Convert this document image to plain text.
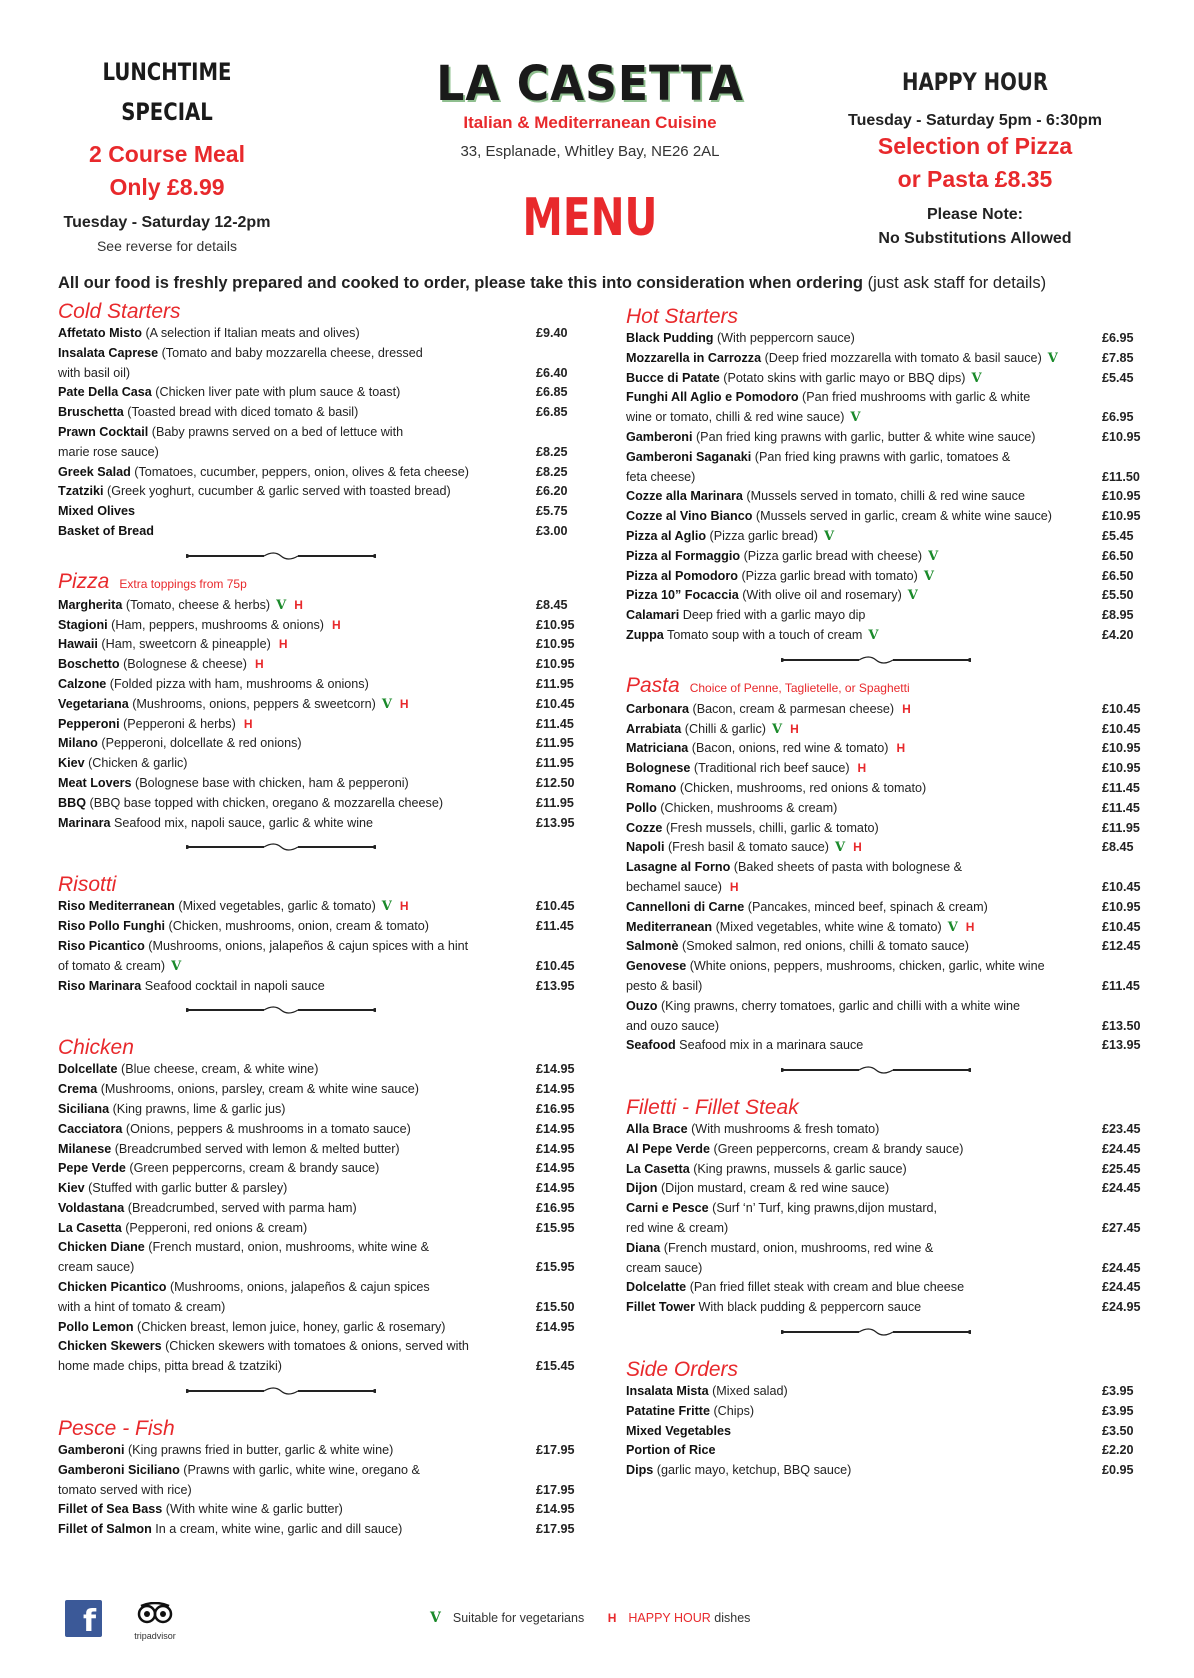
LUNCHTIME
SPECIAL
2 Course Meal
Only £8.99
Tuesday - Saturday 12-2pm
See reverse for details
LA CASETTA
Italian & Mediterranean Cuisine
33, Esplanade, Whitley Bay, NE26 2AL
MENU
HAPPY HOUR
Tuesday - Saturday 5pm - 6:30pm
Selection of Pizza
or Pasta £8.35
Please Note:
No Substitutions Allowed
All our food is freshly prepared and cooked to order, please take this into consideration when ordering (just ask staff for details)
Cold Starters
Affetato Misto (A selection if Italian meats and olives)	£9.40
Insalata Caprese (Tomato and baby mozzarella cheese, dressed
with basil oil)	£6.40
Pate Della Casa (Chicken liver pate with plum sauce & toast)	£6.85
Bruschetta (Toasted bread with diced tomato & basil)	£6.85
Prawn Cocktail (Baby prawns served on a bed of lettuce with
marie rose sauce)	£8.25
Greek Salad (Tomatoes, cucumber, peppers, onion, olives & feta cheese)	£8.25
Tzatziki (Greek yoghurt, cucumber & garlic served with toasted bread)	£6.20
Mixed Olives	£5.75
Basket of Bread	£3.00
Pizza Extra toppings from 75p
Margherita (Tomato, cheese & herbs) V H	£8.45
Stagioni (Ham, peppers, mushrooms & onions) H	£10.95
Hawaii (Ham, sweetcorn & pineapple) H	£10.95
Boschetto (Bolognese & cheese) H	£10.95
Calzone (Folded pizza with ham, mushrooms & onions)	£11.95
Vegetariana (Mushrooms, onions, peppers & sweetcorn) V H	£10.45
Pepperoni (Pepperoni & herbs) H	£11.45
Milano (Pepperoni, dolcellate & red onions)	£11.95
Kiev (Chicken & garlic)	£11.95
Meat Lovers (Bolognese base with chicken, ham & pepperoni)	£12.50
BBQ (BBQ base topped with chicken, oregano & mozzarella cheese)	£11.95
Marinara Seafood mix, napoli sauce, garlic & white wine	£13.95
Risotti
Riso Mediterranean (Mixed vegetables, garlic & tomato) V H	£10.45
Riso Pollo Funghi (Chicken, mushrooms, onion, cream & tomato)	£11.45
Riso Picantico (Mushrooms, onions, jalapeños & cajun spices with a hint
of tomato & cream) V	£10.45
Riso Marinara Seafood cocktail in napoli sauce	£13.95
Chicken
Dolcellate (Blue cheese, cream, & white wine)	£14.95
Crema (Mushrooms, onions, parsley, cream & white wine sauce)	£14.95
Siciliana (King prawns, lime & garlic jus)	£16.95
Cacciatora (Onions, peppers & mushrooms in a tomato sauce)	£14.95
Milanese (Breadcrumbed served with lemon & melted butter)	£14.95
Pepe Verde (Green peppercorns, cream & brandy sauce)	£14.95
Kiev (Stuffed with garlic butter & parsley)	£14.95
Voldastana (Breadcrumbed, served with parma ham)	£16.95
La Casetta (Pepperoni, red onions & cream)	£15.95
Chicken Diane (French mustard, onion, mushrooms, white wine &
cream sauce)	£15.95
Chicken Picantico (Mushrooms, onions, jalapeños & cajun spices
with a hint of tomato & cream)	£15.50
Pollo Lemon (Chicken breast, lemon juice, honey, garlic & rosemary)	£14.95
Chicken Skewers (Chicken skewers with tomatoes & onions, served with
home made chips, pitta bread & tzatziki)	£15.45
Pesce - Fish
Gamberoni (King prawns fried in butter, garlic & white wine)	£17.95
Gamberoni Siciliano (Prawns with garlic, white wine, oregano &
tomato served with rice)	£17.95
Fillet of Sea Bass (With white wine & garlic butter)	£14.95
Fillet of Salmon In a cream, white wine, garlic and dill sauce)	£17.95
Hot Starters
Black Pudding (With peppercorn sauce)	£6.95
Mozzarella in Carrozza (Deep fried mozzarella with tomato & basil sauce) V	£7.85
Bucce di Patate (Potato skins with garlic mayo or BBQ dips) V	£5.45
Funghi All Aglio e Pomodoro (Pan fried mushrooms with garlic & white
wine or tomato, chilli & red wine sauce) V	£6.95
Gamberoni (Pan fried king prawns with garlic, butter & white wine sauce)	£10.95
Gamberoni Saganaki (Pan fried king prawns with garlic, tomatoes &
feta cheese)	£11.50
Cozze alla Marinara (Mussels served in tomato, chilli & red wine sauce	£10.95
Cozze al Vino Bianco (Mussels served in garlic, cream & white wine sauce)	£10.95
Pizza al Aglio (Pizza garlic bread) V	£5.45
Pizza al Formaggio (Pizza garlic bread with cheese) V	£6.50
Pizza al Pomodoro (Pizza garlic bread with tomato) V	£6.50
Pizza 10” Focaccia (With olive oil and rosemary) V	£5.50
Calamari Deep fried with a garlic mayo dip	£8.95
Zuppa Tomato soup with a touch of cream V	£4.20
Pasta Choice of Penne, Taglietelle, or Spaghetti
Carbonara (Bacon, cream & parmesan cheese) H	£10.45
Arrabiata (Chilli & garlic) V H	£10.45
Matriciana (Bacon, onions, red wine & tomato) H	£10.95
Bolognese (Traditional rich beef sauce) H	£10.95
Romano (Chicken, mushrooms, red onions & tomato)	£11.45
Pollo (Chicken, mushrooms & cream)	£11.45
Cozze (Fresh mussels, chilli, garlic & tomato)	£11.95
Napoli (Fresh basil & tomato sauce) V H	£8.45
Lasagne al Forno (Baked sheets of pasta with bolognese &
bechamel sauce) H	£10.45
Cannelloni di Carne (Pancakes, minced beef, spinach & cream)	£10.95
Mediterranean (Mixed vegetables, white wine & tomato) V H	£10.45
Salmonè (Smoked salmon, red onions, chilli & tomato sauce)	£12.45
Genovese (White onions, peppers, mushrooms, chicken, garlic, white wine
pesto & basil)	£11.45
Ouzo (King prawns, cherry tomatoes, garlic and chilli with a white wine
and ouzo sauce)	£13.50
Seafood Seafood mix in a marinara sauce	£13.95
Filetti - Fillet Steak
Alla Brace (With mushrooms & fresh tomato)	£23.45
Al Pepe Verde (Green peppercorns, cream & brandy sauce)	£24.45
La Casetta (King prawns, mussels & garlic sauce)	£25.45
Dijon (Dijon mustard, cream & red wine sauce)	£24.45
Carni e Pesce (Surf ‘n’ Turf, king prawns,dijon mustard,
red wine & cream)	£27.45
Diana (French mustard, onion, mushrooms, red wine &
cream sauce)	£24.45
Dolcelatte (Pan fried fillet steak with cream and blue cheese	£24.45
Fillet Tower With black pudding & peppercorn sauce	£24.95
Side Orders
Insalata Mista (Mixed salad)	£3.95
Patatine Fritte (Chips)	£3.95
Mixed Vegetables	£3.50
Portion of Rice	£2.20
Dips (garlic mayo, ketchup, BBQ sauce)	£0.95
f	tripadvisor
V Suitable for vegetarians H HAPPY HOUR dishes
